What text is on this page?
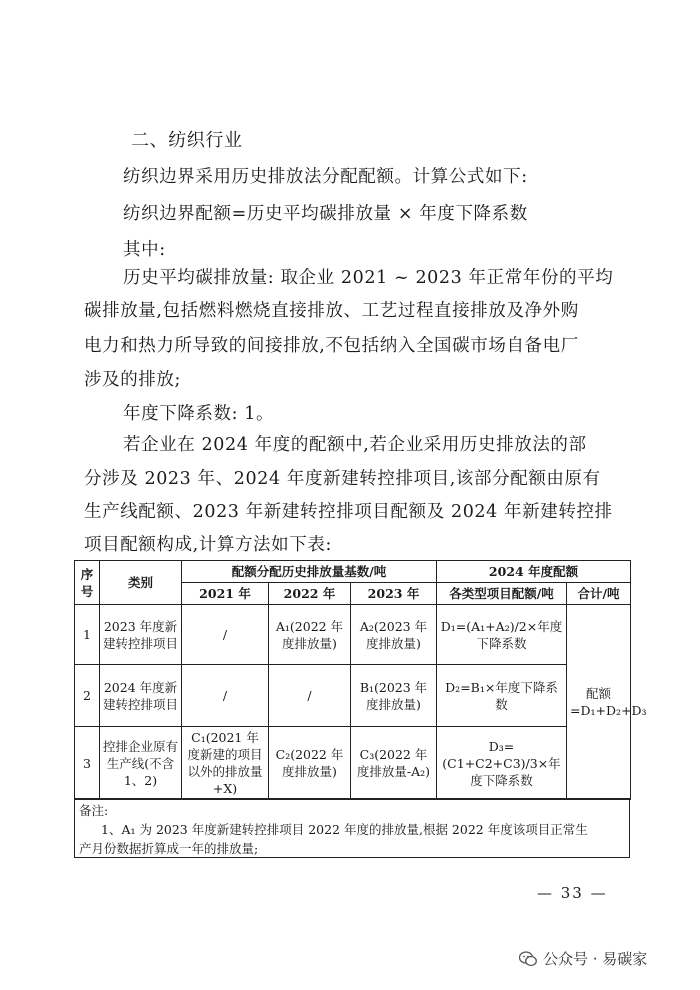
二、纺织行业
纺织边界采用历史排放法分配配额。计算公式如下:
纺织边界配额=历史平均碳排放量 × 年度下降系数
其中:
历史平均碳排放量: 取企业 2021 ~ 2023 年正常年份的平均
碳排放量,包括燃料燃烧直接排放、工艺过程直接排放及净外购
电力和热力所导致的间接排放,不包括纳入全国碳市场自备电厂
涉及的排放;
年度下降系数: 1。
若企业在 2024 年度的配额中,若企业采用历史排放法的部
分涉及 2023 年、2024 年度新建转控排项目,该部分配额由原有
生产线配额、2023 年新建转控排项目配额及 2024 年新建转控排
项目配额构成,计算方法如下表:
序号	类别	配额分配历史排放量基数/吨			2024 年度配额	
		2021 年	2022 年	2023 年	各类型项目配额/吨	合计/吨
1	2023 年度新建转控排项目	/	A₁(2022 年度排放量)	A₂(2023 年度排放量)	D₁=(A₁+A₂)/2×年度下降系数	配额=D₁+D₂+D₃
2	2024 年度新建转控排项目	/	/	B₁(2023 年度排放量)	D₂=B₁×年度下降系数	
3	控排企业原有生产线(不含 1、2)	C₁(2021 年度新建的项目以外的排放量+X)	C₂(2022 年度排放量)	C₃(2022 年度排放量-A₂)	D₃=(C1+C2+C3)/3×年度下降系数	
备注:
1、A₁ 为 2023 年度新建转控排项目 2022 年度的排放量,根据 2022 年度该项目正常生
产月份数据折算成一年的排放量;
— 33 —
公众号 · 易碳家
